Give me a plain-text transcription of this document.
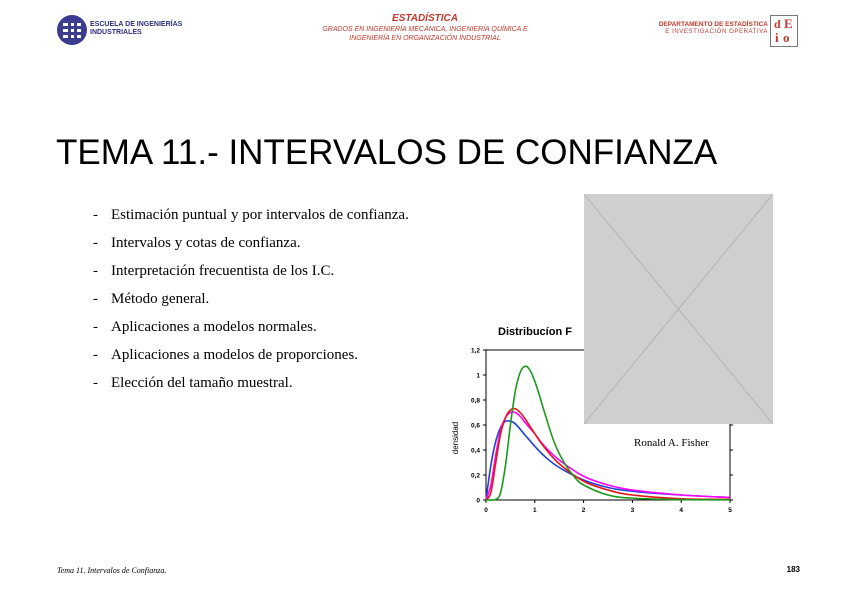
ESCUELA DE INGENIERÍAS INDUSTRIALES
ESTADÍSTICA
GRADOS EN INGENIERÍA MECÁNICA, INGENIERÍA QUÍMICA E
INGENIERÍA EN ORGANIZACIÓN INDUSTRIAL
DEPARTAMENTO DE ESTADÍSTICA
E INVESTIGACIÓN OPERATIVA
d E
i o
TEMA 11.- INTERVALOS DE CONFIANZA
- Estimación puntual y por intervalos de confianza.
- Intervalos y cotas de confianza.
- Interpretación frecuentista de los I.C.
- Método general.
- Aplicaciones a modelos normales.
- Aplicaciones a modelos de proporciones.
- Elección del tamaño muestral.
Distribucíon F
densidad
0
0,2
0,4
0,6
0,8
1
1,2
0	1	2	3	4	5
Ronald A. Fisher
Tema 11. Intervalos de Confianza.	183
